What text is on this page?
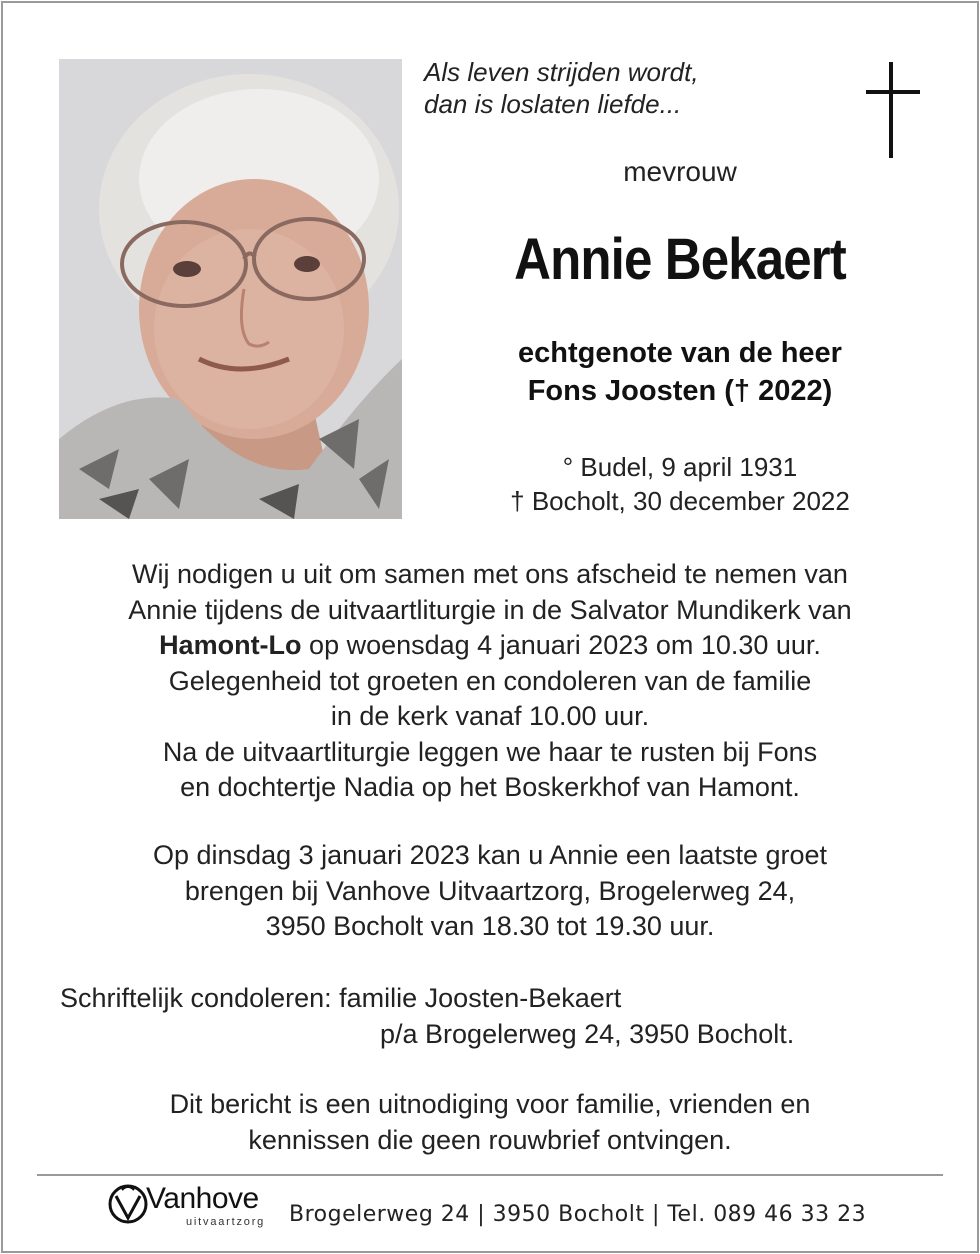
Als leven strijden wordt,
dan is loslaten liefde...
mevrouw
Annie Bekaert
echtgenote van de heer
Fons Joosten († 2022)
° Budel, 9 april 1931
† Bocholt, 30 december 2022
Wij nodigen u uit om samen met ons afscheid te nemen van
Annie tijdens de uitvaartliturgie in de Salvator Mundikerk van
Hamont-Lo op woensdag 4 januari 2023 om 10.30 uur.
Gelegenheid tot groeten en condoleren van de familie
in de kerk vanaf 10.00 uur.
Na de uitvaartliturgie leggen we haar te rusten bij Fons
en dochtertje Nadia op het Boskerkhof van Hamont.
Op dinsdag 3 januari 2023 kan u Annie een laatste groet
brengen bij Vanhove Uitvaartzorg, Brogelerweg 24,
3950 Bocholt van 18.30 tot 19.30 uur.
Schriftelijk condoleren: familie Joosten-Bekaert
p/a Brogelerweg 24, 3950 Bocholt.
Dit bericht is een uitnodiging voor familie, vrienden en
kennissen die geen rouwbrief ontvingen.
Vanhove
uitvaartzorg Brogelerweg 24 | 3950 Bocholt | Tel. 089 46 33 23
